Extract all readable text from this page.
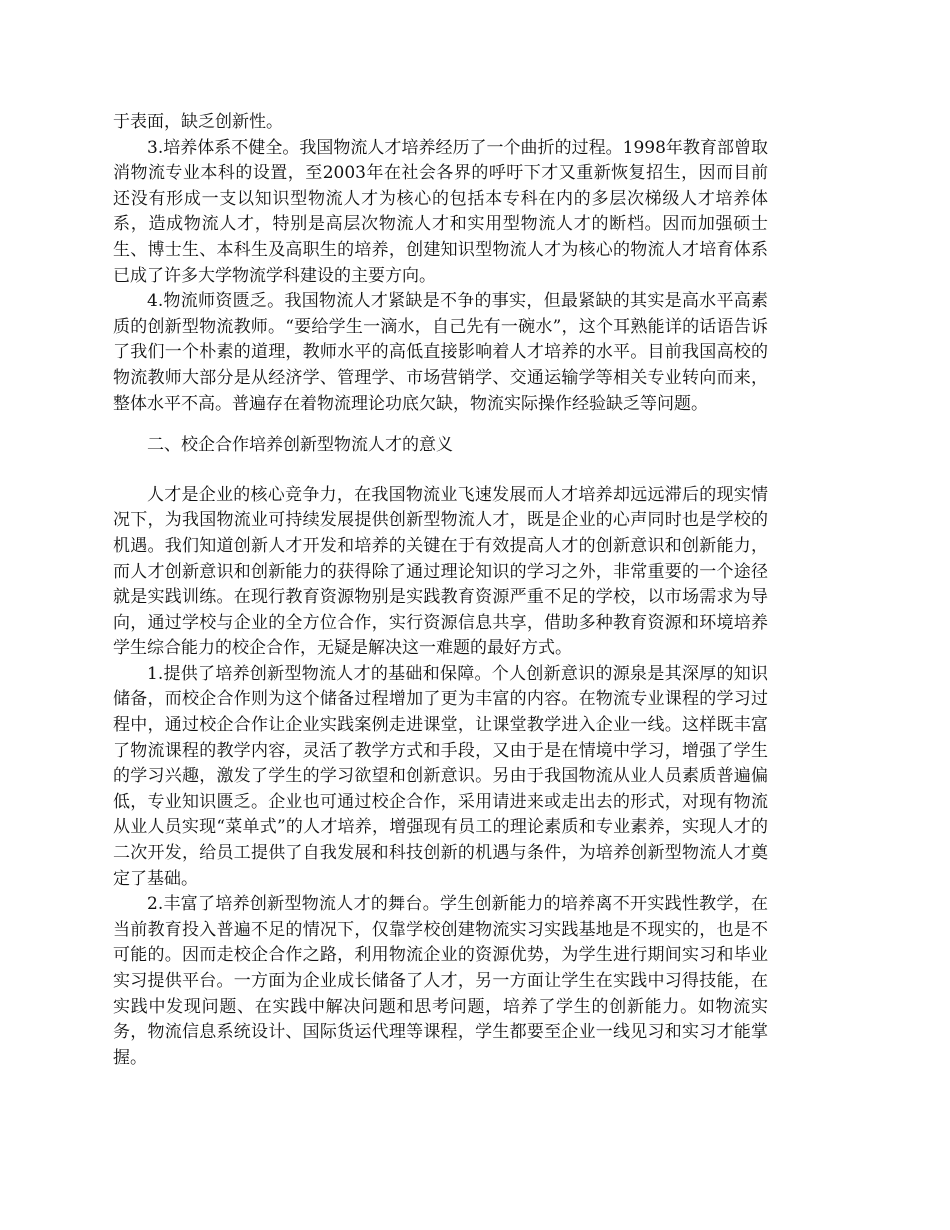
于表面，缺乏创新性。

3.培养体系不健全。我国物流人才培养经历了一个曲折的过程。1998年教育部曾取消物流专业本科的设置，至2003年在社会各界的呼吁下才又重新恢复招生，因而目前还没有形成一支以知识型物流人才为核心的包括本专科在内的多层次梯级人才培养体系，造成物流人才，特别是高层次物流人才和实用型物流人才的断档。因而加强硕士生、博士生、本科生及高职生的培养，创建知识型物流人才为核心的物流人才培育体系已成了许多大学物流学科建设的主要方向。

4.物流师资匮乏。我国物流人才紧缺是不争的事实，但最紧缺的其实是高水平高素质的创新型物流教师。“要给学生一滴水，自己先有一碗水”，这个耳熟能详的话语告诉了我们一个朴素的道理，教师水平的高低直接影响着人才培养的水平。目前我国高校的物流教师大部分是从经济学、管理学、市场营销学、交通运输学等相关专业转向而来，整体水平不高。普遍存在着物流理论功底欠缺，物流实际操作经验缺乏等问题。

二、校企合作培养创新型物流人才的意义

人才是企业的核心竞争力，在我国物流业飞速发展而人才培养却远远滞后的现实情况下，为我国物流业可持续发展提供创新型物流人才，既是企业的心声同时也是学校的机遇。我们知道创新人才开发和培养的关键在于有效提高人才的创新意识和创新能力，而人才创新意识和创新能力的获得除了通过理论知识的学习之外，非常重要的一个途径就是实践训练。在现行教育资源物别是实践教育资源严重不足的学校，以市场需求为导向，通过学校与企业的全方位合作，实行资源信息共享，借助多种教育资源和环境培养学生综合能力的校企合作，无疑是解决这一难题的最好方式。

1.提供了培养创新型物流人才的基础和保障。个人创新意识的源泉是其深厚的知识储备，而校企合作则为这个储备过程增加了更为丰富的内容。在物流专业课程的学习过程中，通过校企合作让企业实践案例走进课堂，让课堂教学进入企业一线。这样既丰富了物流课程的教学内容，灵活了教学方式和手段，又由于是在情境中学习，增强了学生的学习兴趣，激发了学生的学习欲望和创新意识。另由于我国物流从业人员素质普遍偏低，专业知识匮乏。企业也可通过校企合作，采用请进来或走出去的形式，对现有物流从业人员实现“菜单式”的人才培养，增强现有员工的理论素质和专业素养，实现人才的二次开发，给员工提供了自我发展和科技创新的机遇与条件，为培养创新型物流人才奠定了基础。

2.丰富了培养创新型物流人才的舞台。学生创新能力的培养离不开实践性教学，在当前教育投入普遍不足的情况下，仅靠学校创建物流实习实践基地是不现实的，也是不可能的。因而走校企合作之路，利用物流企业的资源优势，为学生进行期间实习和毕业实习提供平台。一方面为企业成长储备了人才，另一方面让学生在实践中习得技能，在实践中发现问题、在实践中解决问题和思考问题，培养了学生的创新能力。如物流实务，物流信息系统设计、国际货运代理等课程，学生都要至企业一线见习和实习才能掌握。
